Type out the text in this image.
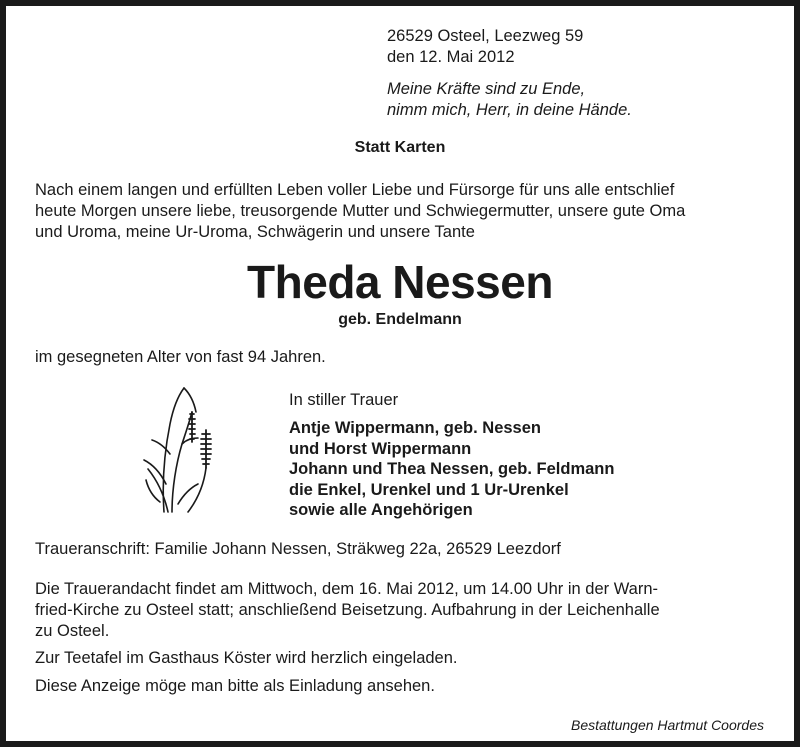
26529 Osteel, Leezweg 59
den 12. Mai 2012
Meine Kräfte sind zu Ende,
nimm mich, Herr, in deine Hände.
Statt Karten
Nach einem langen und erfüllten Leben voller Liebe und Fürsorge für uns alle entschlief
heute Morgen unsere liebe, treusorgende Mutter und Schwiegermutter, unsere gute Oma
und Uroma, meine Ur-Uroma, Schwägerin und unsere Tante
Theda Nessen
geb. Endelmann
im gesegneten Alter von fast 94 Jahren.
In stiller Trauer
Antje Wippermann, geb. Nessen
und Horst Wippermann
Johann und Thea Nessen, geb. Feldmann
die Enkel, Urenkel und 1 Ur-Urenkel
sowie alle Angehörigen
Traueranschrift: Familie Johann Nessen, Sträkweg 22a, 26529 Leezdorf
Die Trauerandacht findet am Mittwoch, dem 16. Mai 2012, um 14.00 Uhr in der Warn-
fried-Kirche zu Osteel statt; anschließend Beisetzung. Aufbahrung in der Leichenhalle
zu Osteel.
Zur Teetafel im Gasthaus Köster wird herzlich eingeladen.
Diese Anzeige möge man bitte als Einladung ansehen.
Bestattungen Hartmut Coordes
